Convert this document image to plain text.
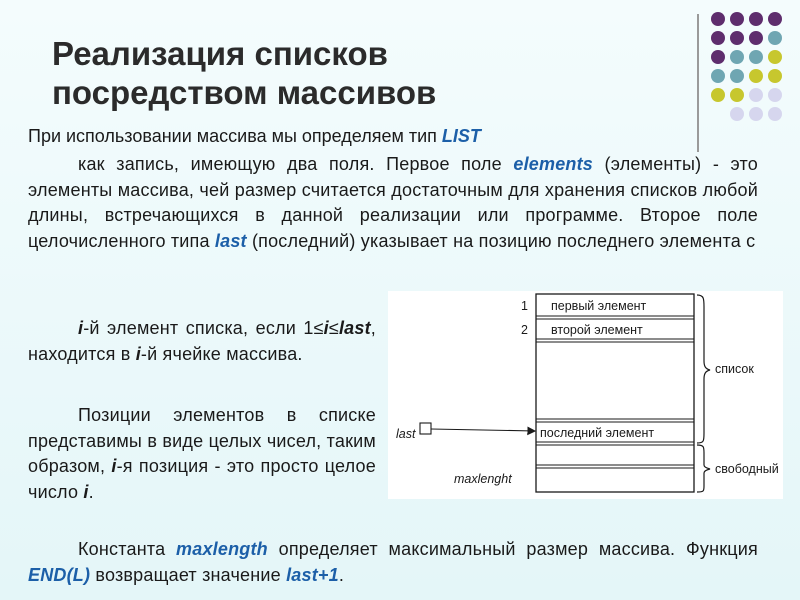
Реализация списков
посредством массивов

При использовании массива мы определяем тип LIST

как запись, имеющую два поля. Первое поле elements (элементы) - это элементы массива, чей размер считается достаточным для хранения списков любой длины, встречающихся в данной реализации или программе. Второе поле целочисленного типа last (последний) указывает на позицию последнего элемента с

i-й элемент списка, если 1≤i≤last, находится в i-й ячейке массива.

Позиции элементов в списке представимы в виде целых чисел, таким образом, i-я позиция - это просто целое число i.

Константа maxlength определяет максимальный размер массива. Функция END(L) возвращает значение last+1.

первый элемент
второй элемент
последний элемент
1
2
last
maxlenght
список
свободный
